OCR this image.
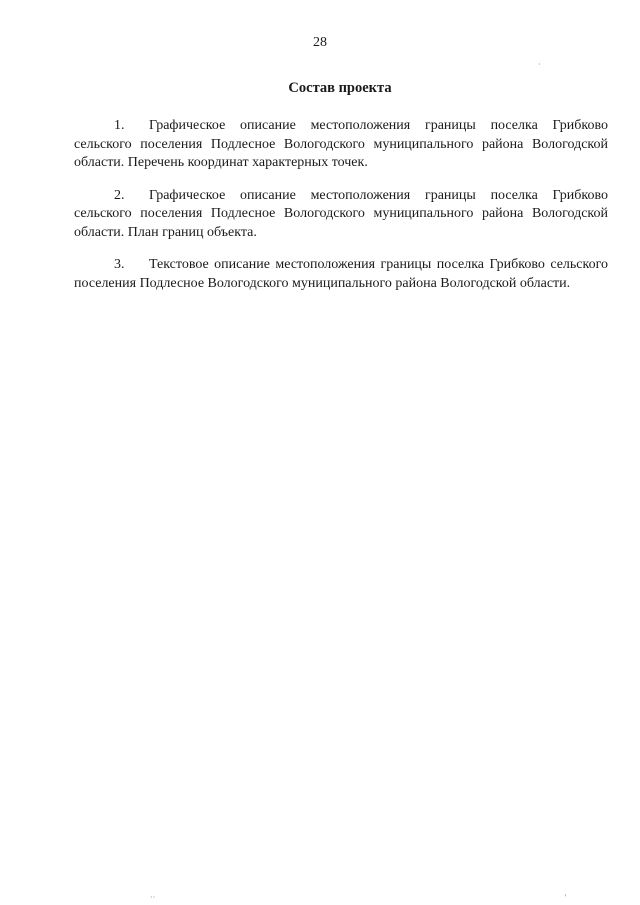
28
Состав проекта
1. Графическое описание местоположения границы поселка Грибково сельского поселения Подлесное Вологодского муниципального района Вологодской области. Перечень координат характерных точек.
2. Графическое описание местоположения границы поселка Грибково сельского поселения Подлесное Вологодского муниципального района Вологодской области. План границ объекта.
3. Текстовое описание местоположения границы поселка Грибково сельского поселения Подлесное Вологодского муниципального района Вологодской области.
·
··	'
